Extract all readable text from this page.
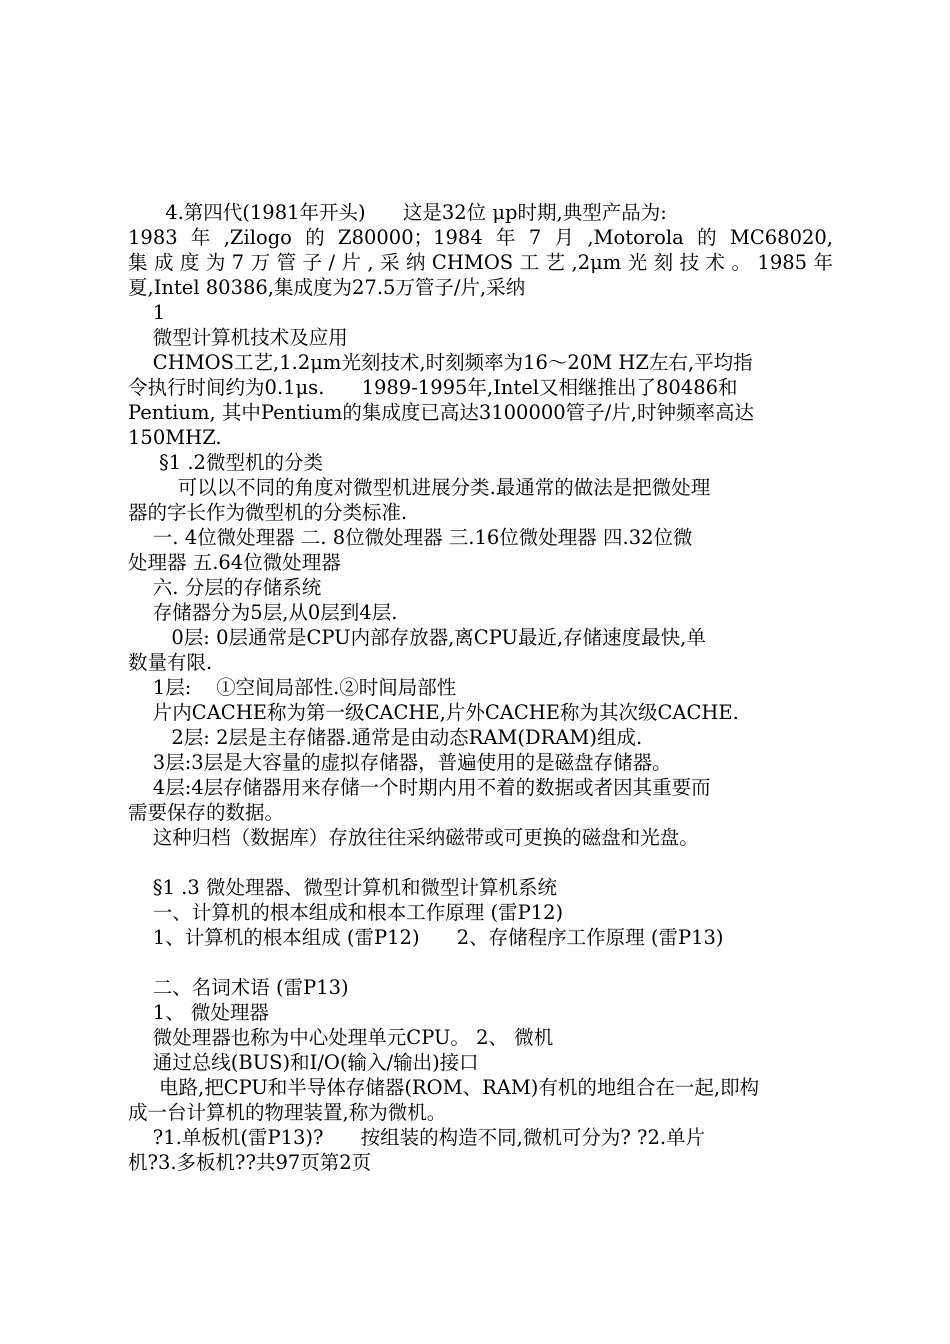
4.第四代(1981年开头)      这是32位 μp时期,典型产品为:
1983年,Zilogo的Z80000；1984年7月,Motorola的MC68020,
集成度为7万管子/片,采纳CHMOS工艺,2μm光刻技术。1985年
夏,Intel 80386,集成度为27.5万管子/片,采纳
1
微型计算机技术及应用
CHMOS工艺,1.2μm光刻技术,时刻频率为16～20M HZ左右,平均指
令执行时间约为0.1μs.      1989-1995年,Intel又相继推出了80486和
Pentium, 其中Pentium的集成度已高达3100000管子/片,时钟频率高达
150MHZ.
§1 .2微型机的分类
可以以不同的角度对微型机进展分类.最通常的做法是把微处理
器的字长作为微型机的分类标准.
一. 4位微处理器 二. 8位微处理器 三.16位微处理器 四.32位微
处理器 五.64位微处理器
六. 分层的存储系统
存储器分为5层,从0层到4层.
0层: 0层通常是CPU内部存放器,离CPU最近,存储速度最快,单
数量有限.
1层:    ①空间局部性.②时间局部性
片内CACHE称为第一级CACHE,片外CACHE称为其次级CACHE.
2层: 2层是主存储器.通常是由动态RAM(DRAM)组成.
3层:3层是大容量的虚拟存储器，普遍使用的是磁盘存储器。
4层:4层存储器用来存储一个时期内用不着的数据或者因其重要而
需要保存的数据。
这种归档（数据库）存放往往采纳磁带或可更换的磁盘和光盘。
§1 .3 微处理器、微型计算机和微型计算机系统
一、计算机的根本组成和根本工作原理 (雷P12)
1、计算机的根本组成 (雷P12)      2、存储程序工作原理 (雷P13)
二、名词术语 (雷P13)
1、 微处理器
微处理器也称为中心处理单元CPU。 2、 微机
通过总线(BUS)和I/O(输入/输出)接口
电路,把CPU和半导体存储器(ROM、RAM)有机的地组合在一起,即构
成一台计算机的物理装置,称为微机。
?1.单板机(雷P13)?      按组装的构造不同,微机可分为? ?2.单片
机?3.多板机??共97页第2页
